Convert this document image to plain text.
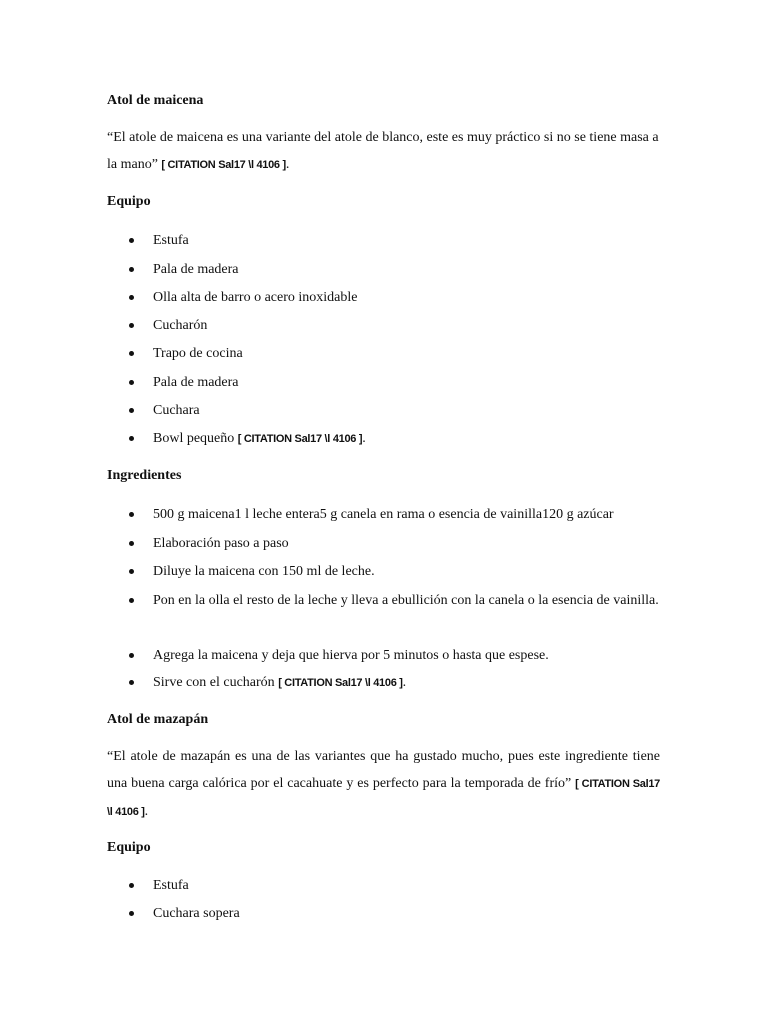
Atol de maicena
“El atole de maicena es una variante del atole de blanco, este es muy práctico si no se tiene masa a la mano” [ CITATION Sal17 \l 4106 ].
Equipo
Estufa
Pala de madera
Olla alta de barro o acero inoxidable
Cucharón
Trapo de cocina
Pala de madera
Cuchara
Bowl pequeño [ CITATION Sal17 \l 4106 ].
Ingredientes
500 g maicena1 l leche entera5 g canela en rama o esencia de vainilla120 g azúcar
Elaboración paso a paso
Diluye la maicena con 150 ml de leche.
Pon en la olla el resto de la leche y lleva a ebullición con la canela o la esencia de vainilla.
Agrega la maicena y deja que hierva por 5 minutos o hasta que espese.
Sirve con el cucharón [ CITATION Sal17 \l 4106 ].
Atol de mazapán
“El atole de mazapán es una de las variantes que ha gustado mucho, pues este ingrediente tiene una buena carga calórica por el cacahuate y es perfecto para la temporada de frío” [ CITATION Sal17 \l 4106 ].
Equipo
Estufa
Cuchara sopera
